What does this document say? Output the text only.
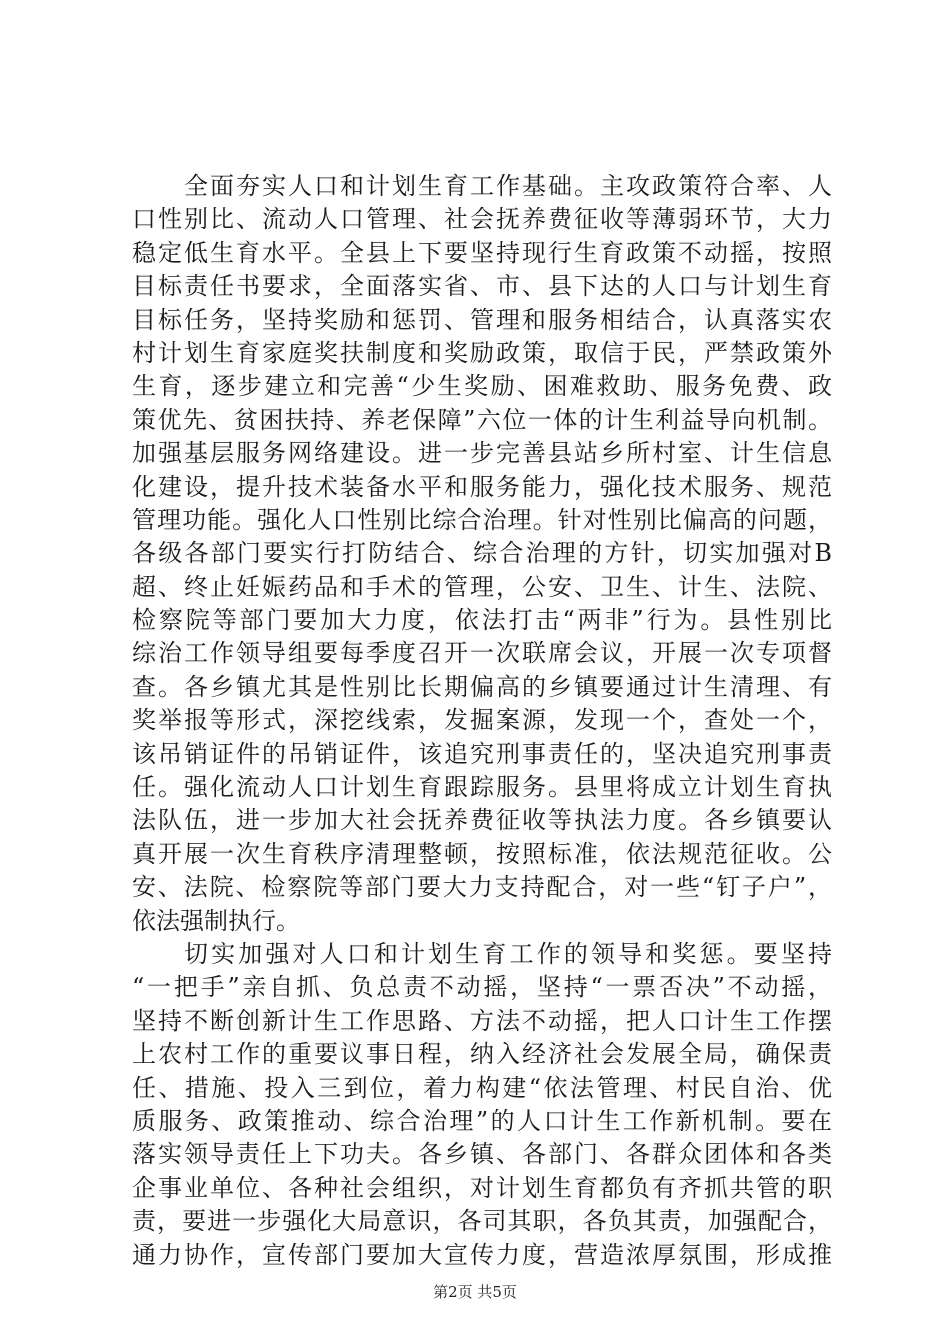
全面夯实人口和计划生育工作基础。主攻政策符合率、人
口性别比、流动人口管理、社会抚养费征收等薄弱环节，大力
稳定低生育水平。全县上下要坚持现行生育政策不动摇，按照
目标责任书要求，全面落实省、市、县下达的人口与计划生育
目标任务，坚持奖励和惩罚、管理和服务相结合，认真落实农
村计划生育家庭奖扶制度和奖励政策，取信于民，严禁政策外
生育，逐步建立和完善“少生奖励、困难救助、服务免费、政
策优先、贫困扶持、养老保障”六位一体的计生利益导向机制。
加强基层服务网络建设。进一步完善县站乡所村室、计生信息
化建设，提升技术装备水平和服务能力，强化技术服务、规范
管理功能。强化人口性别比综合治理。针对性别比偏高的问题，
各级各部门要实行打防结合、综合治理的方针，切实加强对B
超、终止妊娠药品和手术的管理，公安、卫生、计生、法院、
检察院等部门要加大力度，依法打击“两非”行为。县性别比
综治工作领导组要每季度召开一次联席会议，开展一次专项督
查。各乡镇尤其是性别比长期偏高的乡镇要通过计生清理、有
奖举报等形式，深挖线索，发掘案源，发现一个，查处一个，
该吊销证件的吊销证件，该追究刑事责任的，坚决追究刑事责
任。强化流动人口计划生育跟踪服务。县里将成立计划生育执
法队伍，进一步加大社会抚养费征收等执法力度。各乡镇要认
真开展一次生育秩序清理整顿，按照标准，依法规范征收。公
安、法院、检察院等部门要大力支持配合，对一些“钉子户”，
依法强制执行。
切实加强对人口和计划生育工作的领导和奖惩。要坚持
“一把手”亲自抓、负总责不动摇，坚持“一票否决”不动摇，
坚持不断创新计生工作思路、方法不动摇，把人口计生工作摆
上农村工作的重要议事日程，纳入经济社会发展全局，确保责
任、措施、投入三到位，着力构建“依法管理、村民自治、优
质服务、政策推动、综合治理”的人口计生工作新机制。要在
落实领导责任上下功夫。各乡镇、各部门、各群众团体和各类
企事业单位、各种社会组织，对计划生育都负有齐抓共管的职
责，要进一步强化大局意识，各司其职，各负其责，加强配合，
通力协作，宣传部门要加大宣传力度，营造浓厚氛围，形成推
第2页 共5页
